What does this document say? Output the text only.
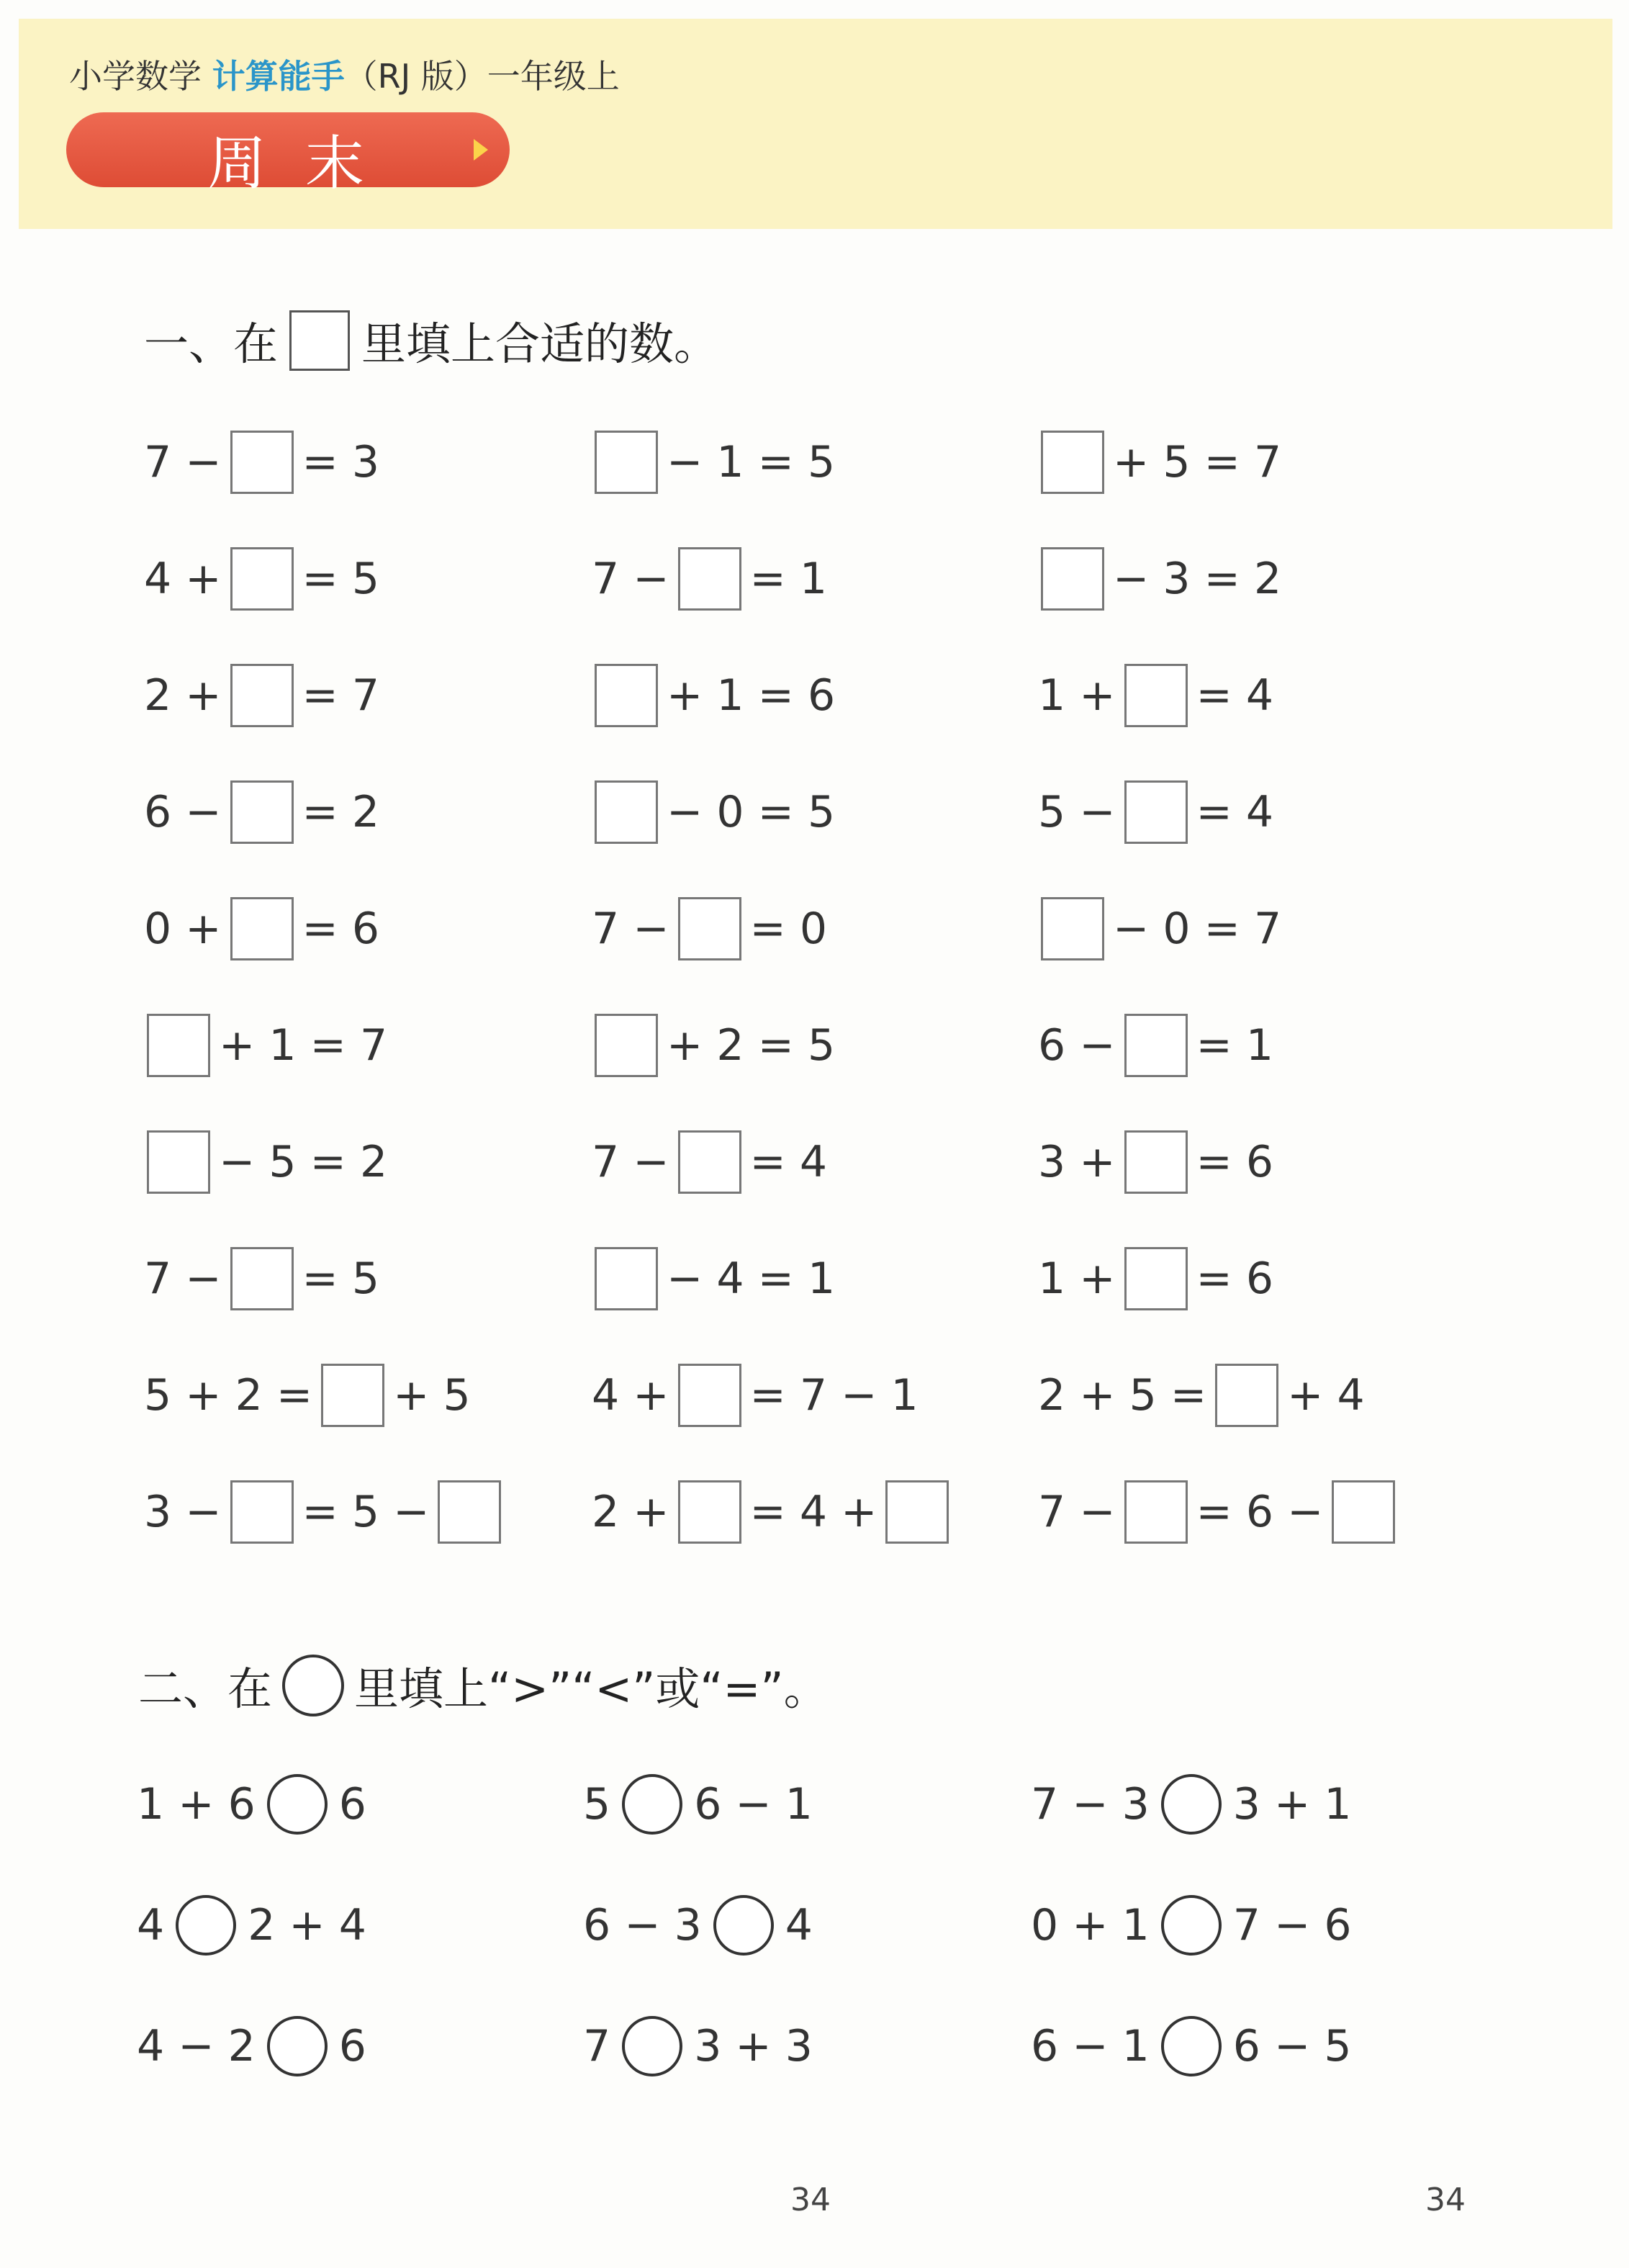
小学数学 计算能手（RJ 版）一年级上
周末
一、在 里填上合适的数。
7 − = 3	− 1 = 5	+ 5 = 7
4 + = 5	7 − = 1	− 3 = 2
2 + = 7	+ 1 = 6	1 + = 4
6 − = 2	− 0 = 5	5 − = 4
0 + = 6	7 − = 0	− 0 = 7
+ 1 = 7	+ 2 = 5	6 − = 1
− 5 = 2	7 − = 4	3 + = 6
7 − = 5	− 4 = 1	1 + = 6
5 + 2 = + 5	4 + = 7 − 1	2 + 5 = + 4
3 − = 5 −	2 + = 4 +	7 − = 6 −
二、在 里填上“>”“<”或“=”。
1 + 6 6	5 6 − 1	7 − 3 3 + 1
4 2 + 4	6 − 3 4	0 + 1 7 − 6
4 − 2 6	7 3 + 3	6 − 1 6 − 5
34	34
